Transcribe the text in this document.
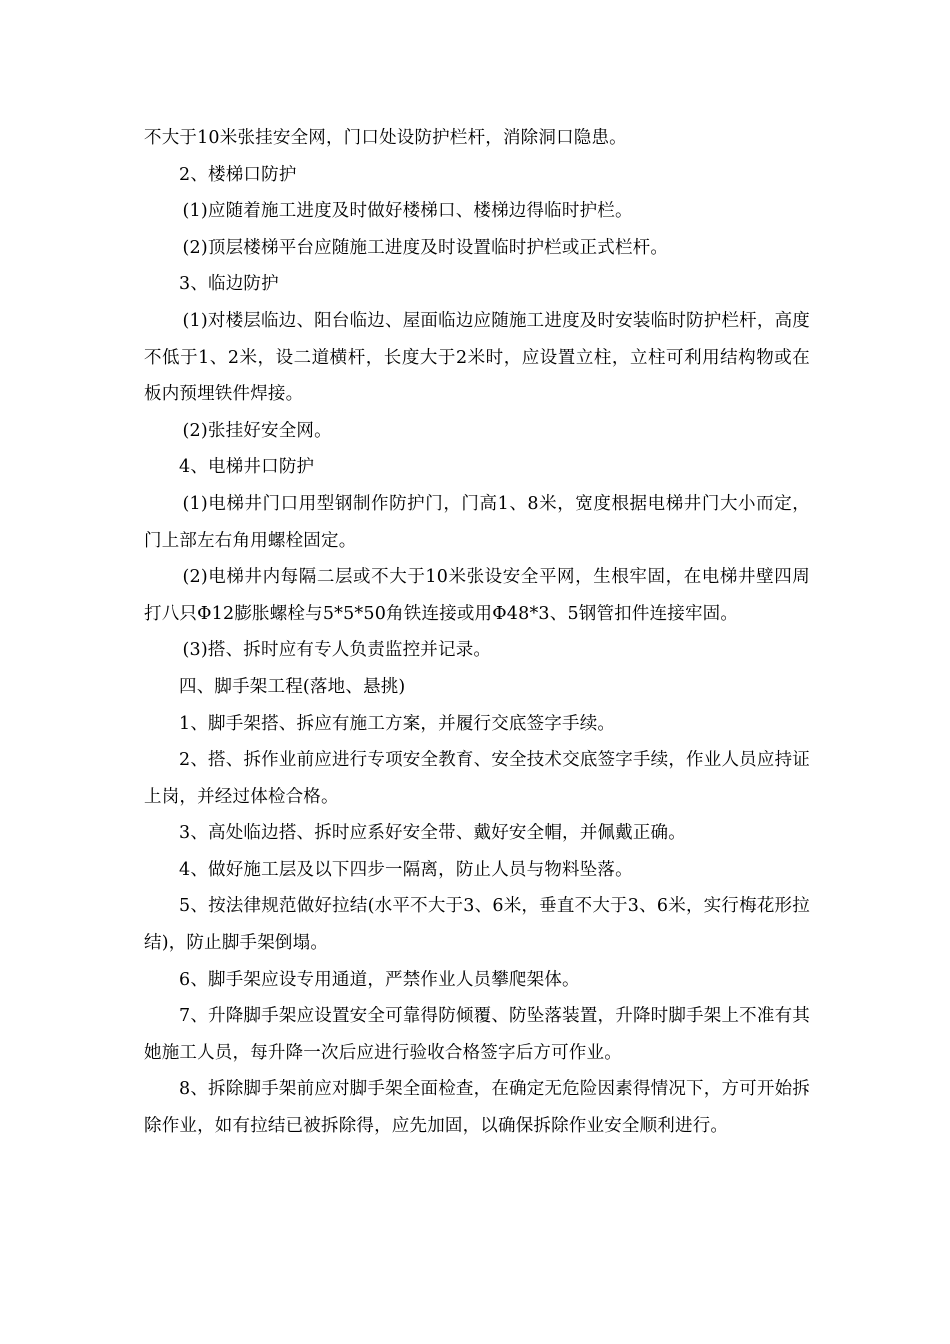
不大于10米张挂安全网，门口处设防护栏杆，消除洞口隐患。

2、楼梯口防护

(1)应随着施工进度及时做好楼梯口、楼梯边得临时护栏。

(2)顶层楼梯平台应随施工进度及时设置临时护栏或正式栏杆。

3、临边防护

(1)对楼层临边、阳台临边、屋面临边应随施工进度及时安装临时防护栏杆，高度不低于1、2米，设二道横杆，长度大于2米时，应设置立柱，立柱可利用结构物或在板内预埋铁件焊接。

(2)张挂好安全网。

4、电梯井口防护

(1)电梯井门口用型钢制作防护门，门高1、8米，宽度根据电梯井门大小而定，门上部左右角用螺栓固定。

(2)电梯井内每隔二层或不大于10米张设安全平网，生根牢固，在电梯井壁四周打八只Φ12膨胀螺栓与5*5*50角铁连接或用Φ48*3、5钢管扣件连接牢固。

(3)搭、拆时应有专人负责监控并记录。

四、脚手架工程(落地、悬挑)

1、脚手架搭、拆应有施工方案，并履行交底签字手续。

2、搭、拆作业前应进行专项安全教育、安全技术交底签字手续，作业人员应持证上岗，并经过体检合格。

3、高处临边搭、拆时应系好安全带、戴好安全帽，并佩戴正确。

4、做好施工层及以下四步一隔离，防止人员与物料坠落。

5、按法律规范做好拉结(水平不大于3、6米，垂直不大于3、6米，实行梅花形拉结)，防止脚手架倒塌。

6、脚手架应设专用通道，严禁作业人员攀爬架体。

7、升降脚手架应设置安全可靠得防倾覆、防坠落装置，升降时脚手架上不准有其她施工人员，每升降一次后应进行验收合格签字后方可作业。

8、拆除脚手架前应对脚手架全面检查，在确定无危险因素得情况下，方可开始拆除作业，如有拉结已被拆除得，应先加固，以确保拆除作业安全顺利进行。
